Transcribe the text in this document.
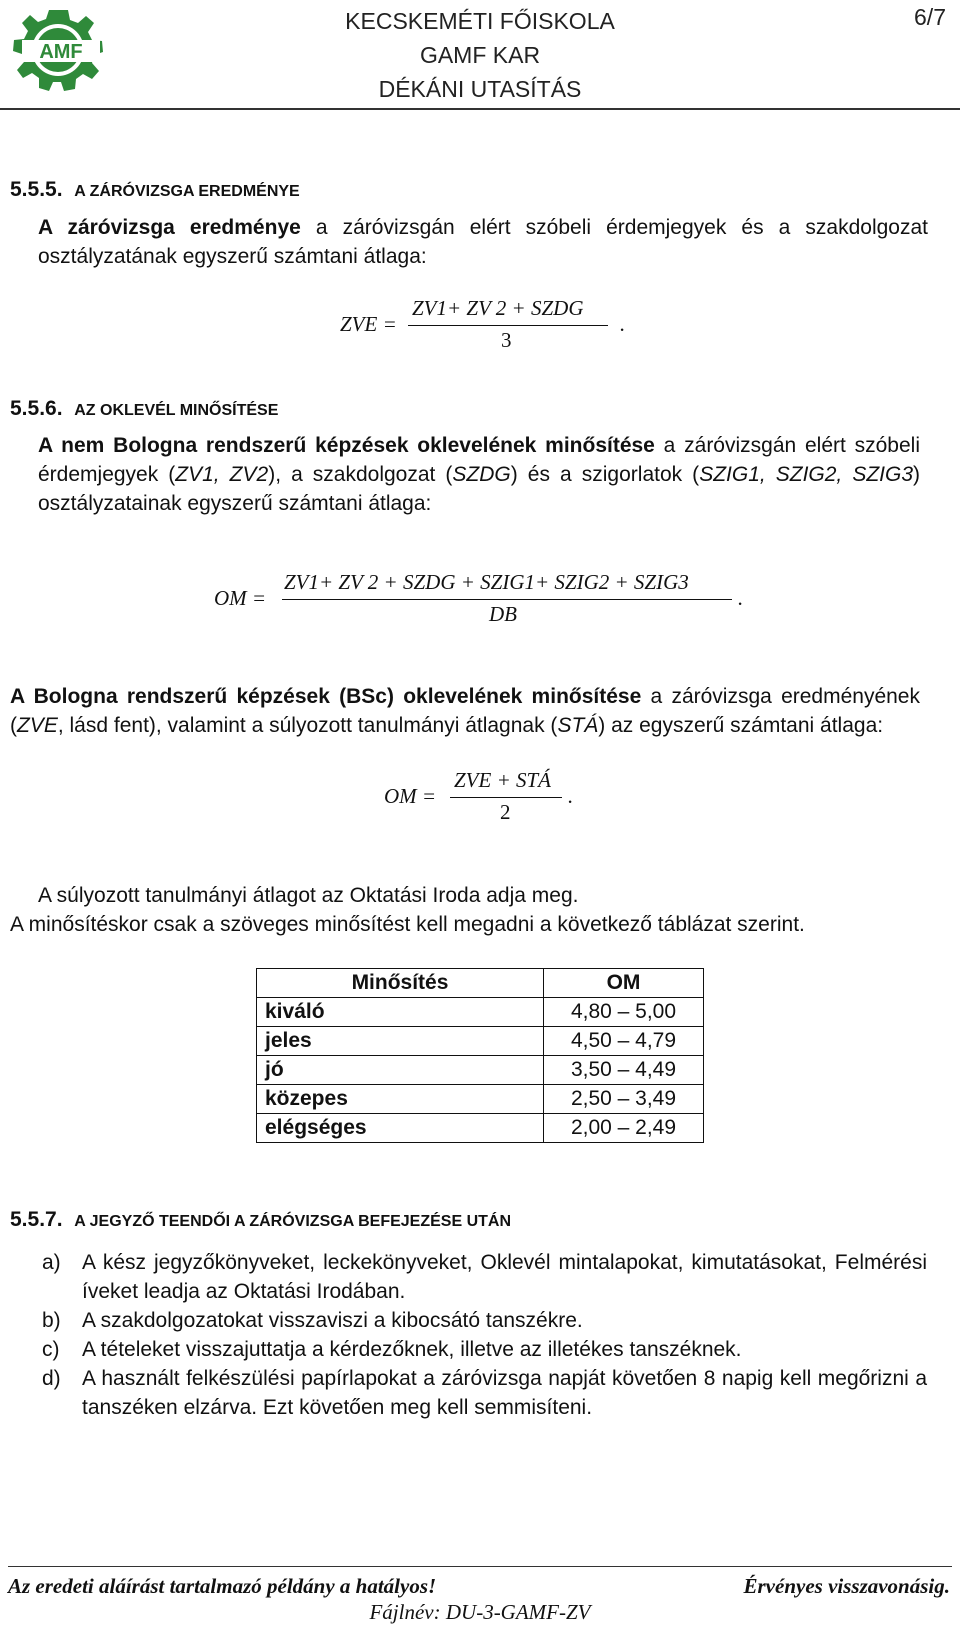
AMF
KECSKEMÉTI FŐISKOLA
GAMF KAR
DÉKÁNI UTASÍTÁS
6/7
5.5.5. A ZÁRÓVIZSGA EREDMÉNYE
A záróvizsga eredménye a záróvizsgán elért szóbeli érdemjegyek és a szakdolgozat osztályzatának egyszerű számtani átlaga:
ZVE =
ZV1+ ZV 2 + SZDG
3
.
5.5.6. AZ OKLEVÉL MINŐSÍTÉSE
A nem Bologna rendszerű képzések oklevelének minősítése a záróvizsgán elért szóbeli érdemjegyek (ZV1, ZV2), a szakdolgozat (SZDG) és a szigorlatok (SZIG1, SZIG2, SZIG3) osztályzatainak egyszerű számtani átlaga:
OM =
ZV1+ ZV 2 + SZDG + SZIG1+ SZIG2 + SZIG3
DB
.
A Bologna rendszerű képzések (BSc) oklevelének minősítése a záróvizsga eredményének (ZVE, lásd fent), valamint a súlyozott tanulmányi átlagnak (STÁ) az egyszerű számtani átlaga:
OM =
ZVE + STÁ
2
.
A súlyozott tanulmányi átlagot az Oktatási Iroda adja meg.
A minősítéskor csak a szöveges minősítést kell megadni a következő táblázat szerint.
Minősítés	OM
kiváló	4,80 – 5,00
jeles	4,50 – 4,79
jó	3,50 – 4,49
közepes	2,50 – 3,49
elégséges	2,00 – 2,49
5.5.7. A JEGYZŐ TEENDŐI A ZÁRÓVIZSGA BEFEJEZÉSE UTÁN
a) A kész jegyzőkönyveket, leckekönyveket, Oklevél mintalapokat, kimutatásokat, Felmérési íveket leadja az Oktatási Irodában.
b) A szakdolgozatokat visszaviszi a kibocsátó tanszékre.
c) A tételeket visszajuttatja a kérdezőknek, illetve az illetékes tanszéknek.
d) A használt felkészülési papírlapokat a záróvizsga napját követően 8 napig kell megőrizni a tanszéken elzárva. Ezt követően meg kell semmisíteni.
Az eredeti aláírást tartalmazó példány a hatályos!	Érvényes visszavonásig.
Fájlnév: DU-3-GAMF-ZV
